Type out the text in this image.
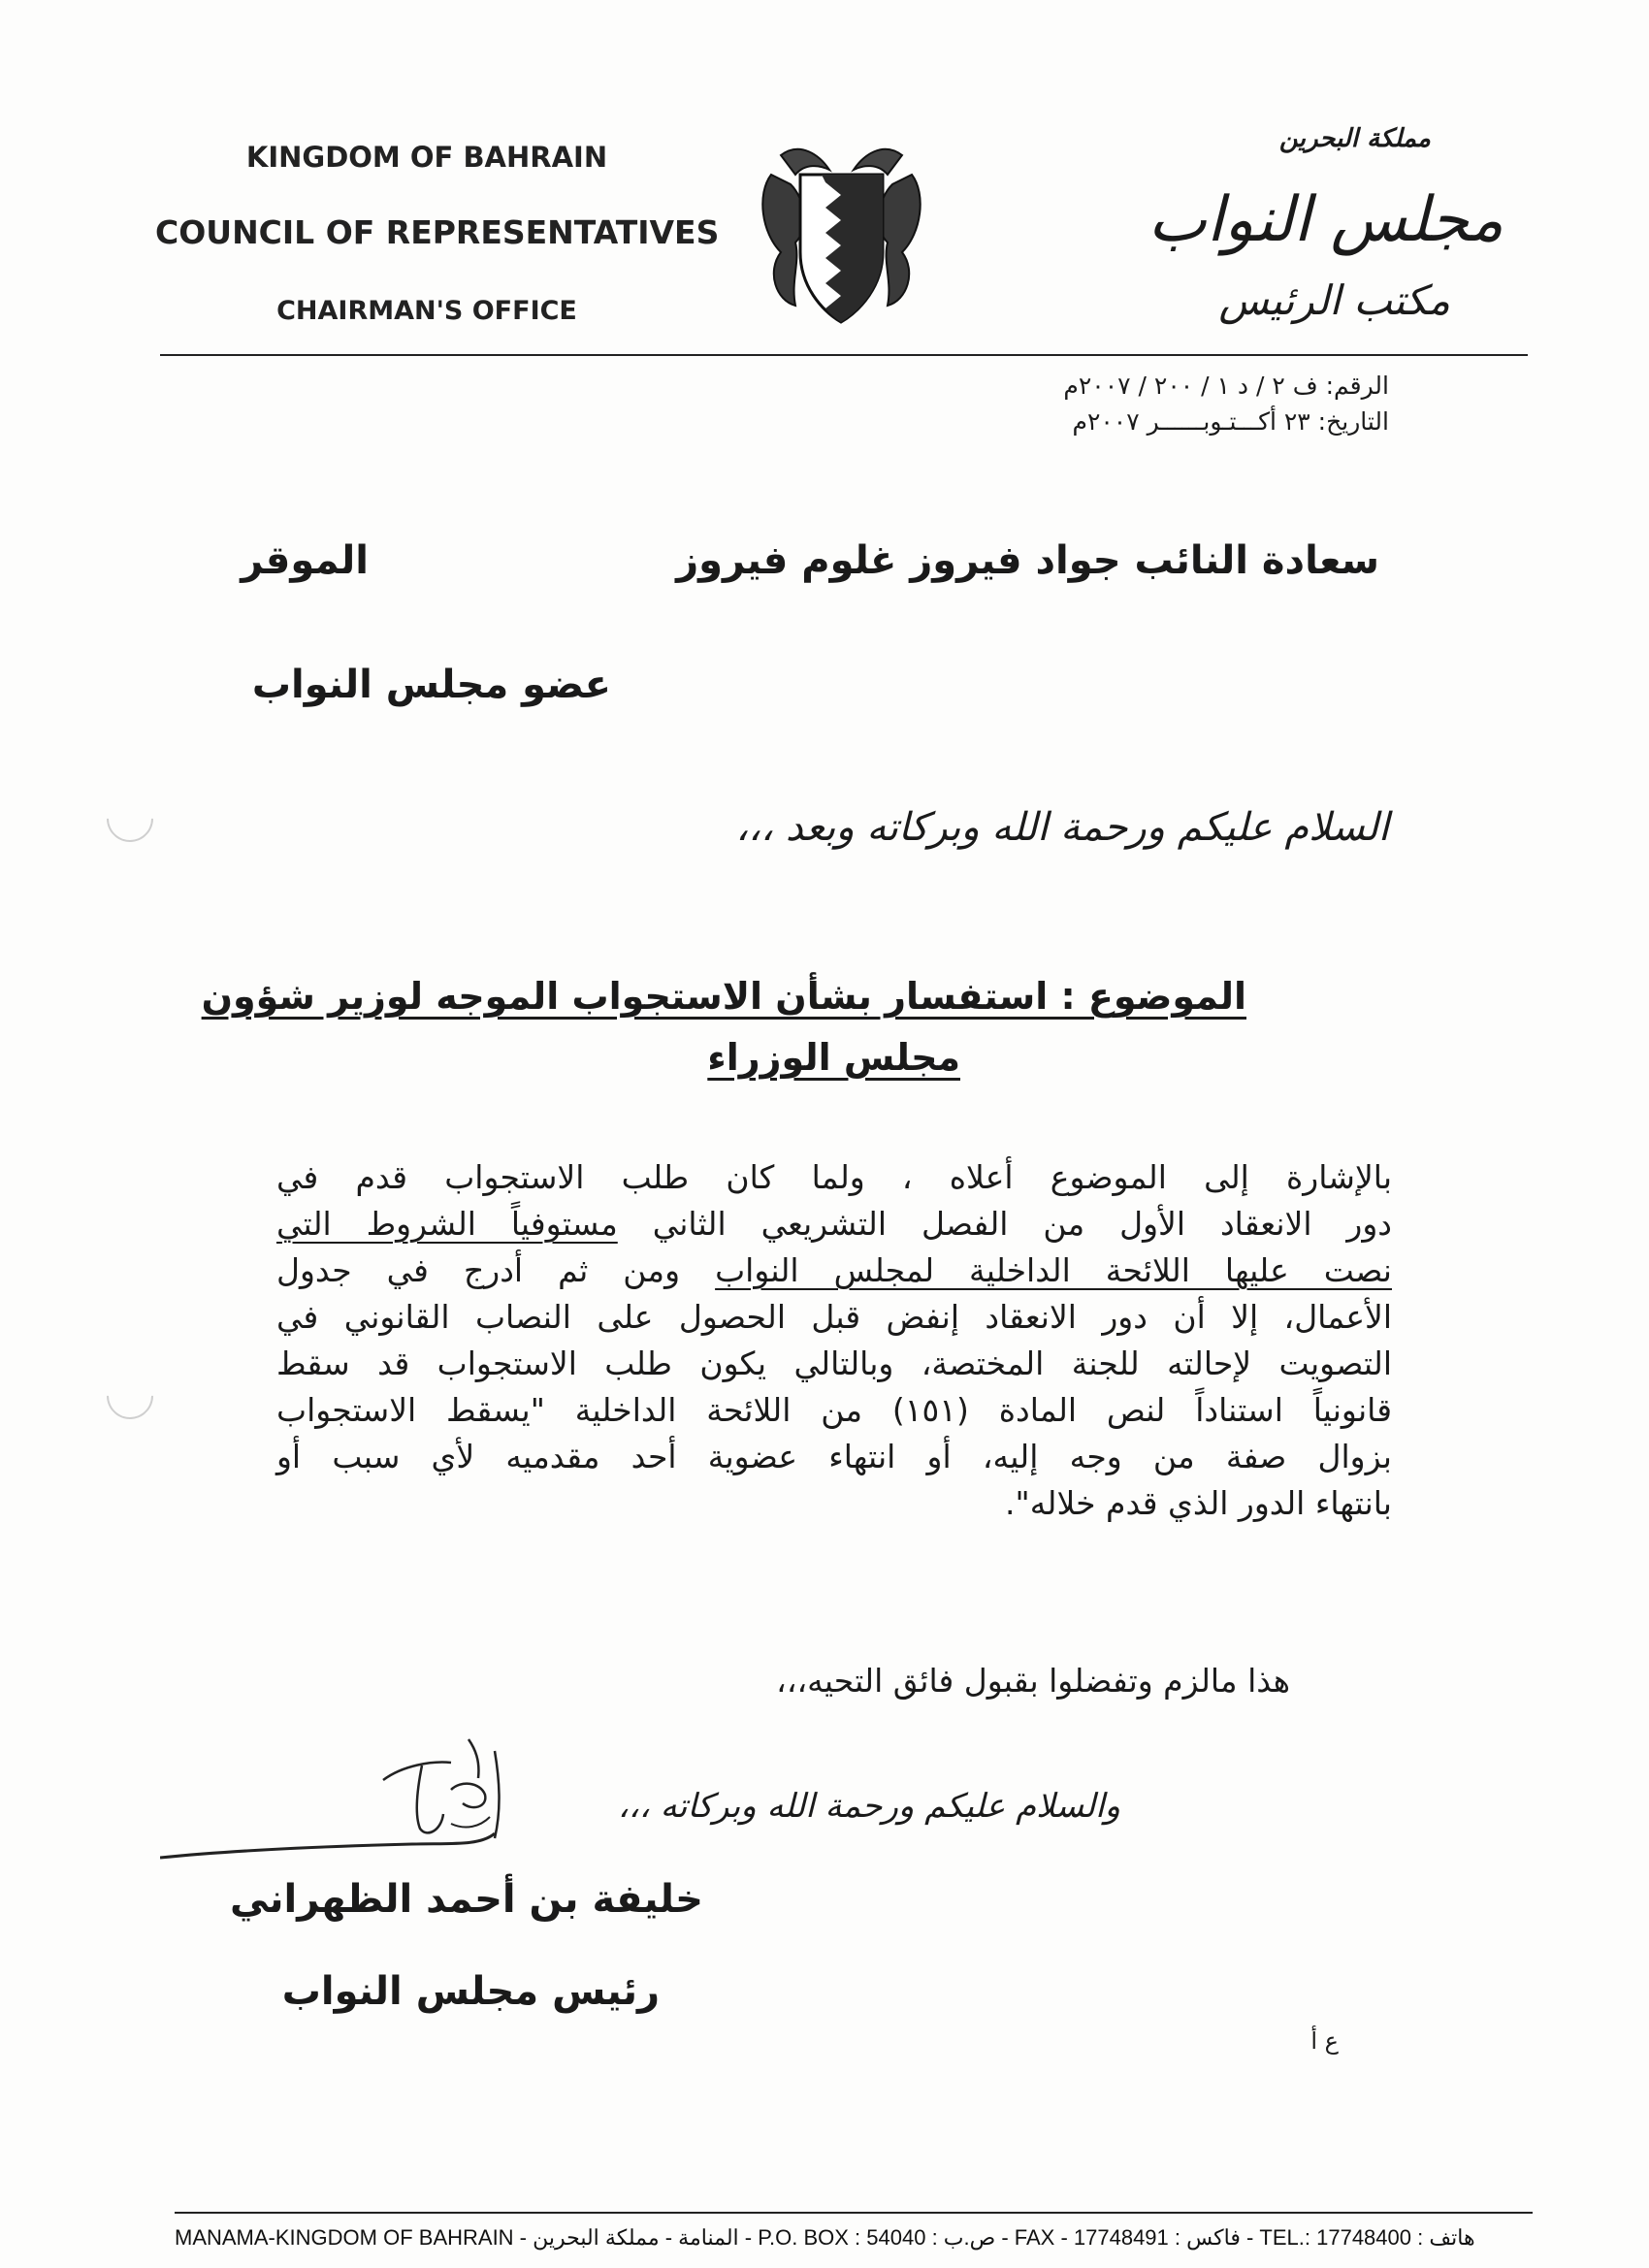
KINGDOM OF BAHRAIN
COUNCIL OF REPRESENTATIVES
CHAIRMAN'S OFFICE
مملكة البحرين
مجلس النواب
مكتب الرئيس
الرقم: ف ٢ / د ١ / ٢٠٠ / ٢٠٠٧م
التاريخ: ٢٣ أكـــتـوبــــــر ٢٠٠٧م
سعادة النائب جواد فيروز غلوم فيروز
الموقر
عضو مجلس النواب
السلام عليكم ورحمة الله وبركاته وبعد ،،،
الموضوع : استفسار بشأن الاستجواب الموجه لوزير شؤون
مجلس الوزراء
بالإشارة إلى الموضوع أعلاه ، ولما كان طلب الاستجواب قدم في
دور الانعقاد الأول من الفصل التشريعي الثاني مستوفياً الشروط التي
نصت عليها اللائحة الداخلية لمجلس النواب ومن ثم أدرج في جدول
الأعمال، إلا أن دور الانعقاد إنفض قبل الحصول على النصاب القانوني في
التصويت لإحالته للجنة المختصة، وبالتالي يكون طلب الاستجواب قد سقط
قانونياً استناداً لنص المادة (١٥١) من اللائحة الداخلية "يسقط الاستجواب
بزوال صفة من وجه إليه، أو انتهاء عضوية أحد مقدميه لأي سبب أو
بانتهاء الدور الذي قدم خلاله".
هذا مالزم وتفضلوا بقبول فائق التحيه،،،
والسلام عليكم ورحمة الله وبركاته ،،،
خليفة بن أحمد الظهراني
رئيس مجلس النواب
ع أ
MANAMA-KINGDOM OF BAHRAIN - المنامة - مملكة البحرين - P.O. BOX : 54040 : ص.ب - FAX - 17748491 : فاكس - TEL.: 17748400 : هاتف
